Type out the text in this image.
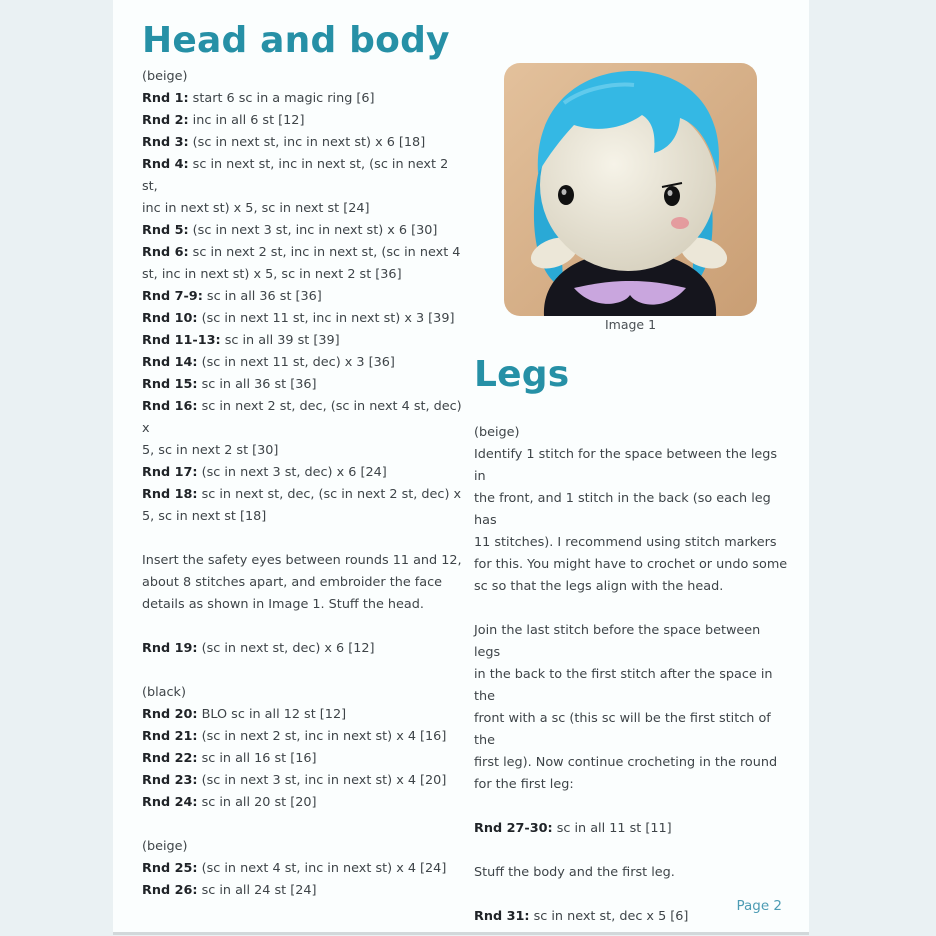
Head and body

(beige)

Rnd 1: start 6 sc in a magic ring [6]

Rnd 2: inc in all 6 st [12]

Rnd 3: (sc in next st, inc in next st) x 6 [18]

Rnd 4: sc in next st, inc in next st, (sc in next 2 st,

inc in next st) x 5, sc in next st [24]

Rnd 5: (sc in next 3 st, inc in next st) x 6 [30]

Rnd 6: sc in next 2 st, inc in next st, (sc in next 4

st, inc in next st) x 5, sc in next 2 st [36]

Rnd 7-9: sc in all 36 st [36]

Rnd 10: (sc in next 11 st, inc in next st) x 3 [39]

Rnd 11-13: sc in all 39 st [39]

Rnd 14: (sc in next 11 st, dec) x 3 [36]

Rnd 15: sc in all 36 st [36]

Rnd 16: sc in next 2 st, dec, (sc in next 4 st, dec) x

5, sc in next 2 st [30]

Rnd 17: (sc in next 3 st, dec) x 6 [24]

Rnd 18: sc in next st, dec, (sc in next 2 st, dec) x

5, sc in next st [18]

Insert the safety eyes between rounds 11 and 12,

about 8 stitches apart, and embroider the face

details as shown in Image 1. Stuff the head.

Rnd 19: (sc in next st, dec) x 6 [12]

(black)

Rnd 20: BLO sc in all 12 st [12]

Rnd 21: (sc in next 2 st, inc in next st) x 4 [16]

Rnd 22: sc in all 16 st [16]

Rnd 23: (sc in next 3 st, inc in next st) x 4 [20]

Rnd 24: sc in all 20 st [20]

(beige)

Rnd 25: (sc in next 4 st, inc in next st) x 4 [24]

Rnd 26: sc in all 24 st [24]

Image 1
Legs

(beige)

Identify 1 stitch for the space between the legs in

the front, and 1 stitch in the back (so each leg has

11 stitches). I recommend using stitch markers

for this. You might have to crochet or undo some

sc so that the legs align with the head.

Join the last stitch before the space between legs

in the back to the first stitch after the space in the

front with a sc (this sc will be the first stitch of the

first leg). Now continue crocheting in the round

for the first leg:

Rnd 27-30: sc in all 11 st [11]

Stuff the body and the first leg.

Rnd 31: sc in next st, dec x 5 [6]

Page 2
